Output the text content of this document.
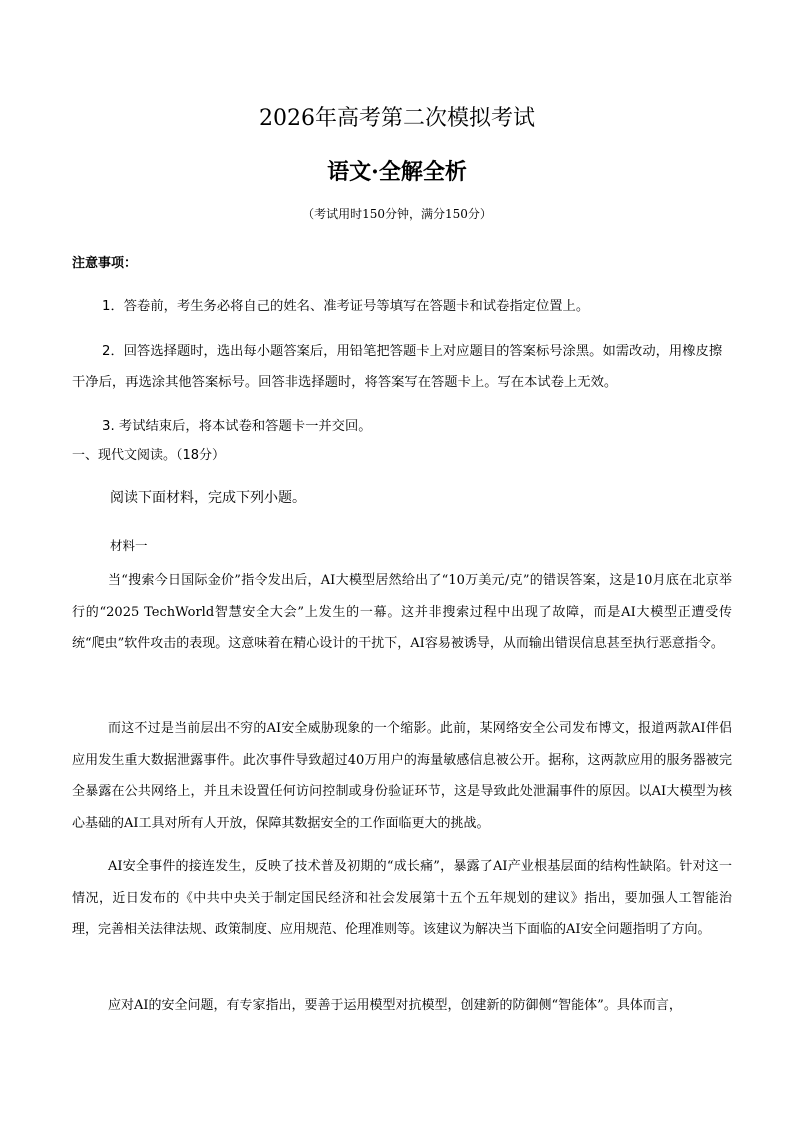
2026年高考第二次模拟考试
语文·全解全析
（考试用时150分钟，满分150分）
注意事项：
1．答卷前，考生务必将自己的姓名、准考证号等填写在答题卡和试卷指定位置上。
2．回答选择题时，选出每小题答案后，用铅笔把答题卡上对应题目的答案标号涂黑。如需改动，用橡皮擦干净后，再选涂其他答案标号。回答非选择题时，将答案写在答题卡上。写在本试卷上无效。
3. 考试结束后，将本试卷和答题卡一并交回。
一、现代文阅读。（18分）
阅读下面材料，完成下列小题。
材料一
当“搜索今日国际金价”指令发出后，AI大模型居然给出了“10万美元/克”的错误答案，这是10月底在北京举行的“2025 TechWorld智慧安全大会”上发生的一幕。这并非搜索过程中出现了故障，而是AI大模型正遭受传统“爬虫”软件攻击的表现。这意味着在精心设计的干扰下，AI容易被诱导，从而输出错误信息甚至执行恶意指令。
而这不过是当前层出不穷的AI安全威胁现象的一个缩影。此前，某网络安全公司发布博文，报道两款AI伴侣应用发生重大数据泄露事件。此次事件导致超过40万用户的海量敏感信息被公开。据称，这两款应用的服务器被完全暴露在公共网络上，并且未设置任何访问控制或身份验证环节，这是导致此处泄漏事件的原因。以AI大模型为核心基础的AI工具对所有人开放，保障其数据安全的工作面临更大的挑战。
AI安全事件的接连发生，反映了技术普及初期的“成长痛”，暴露了AI产业根基层面的结构性缺陷。针对这一情况，近日发布的《中共中央关于制定国民经济和社会发展第十五个五年规划的建议》指出，要加强人工智能治理，完善相关法律法规、政策制度、应用规范、伦理准则等。该建议为解决当下面临的AI安全问题指明了方向。
应对AI的安全问题，有专家指出，要善于运用模型对抗模型，创建新的防御侧“智能体”。具体而言，
